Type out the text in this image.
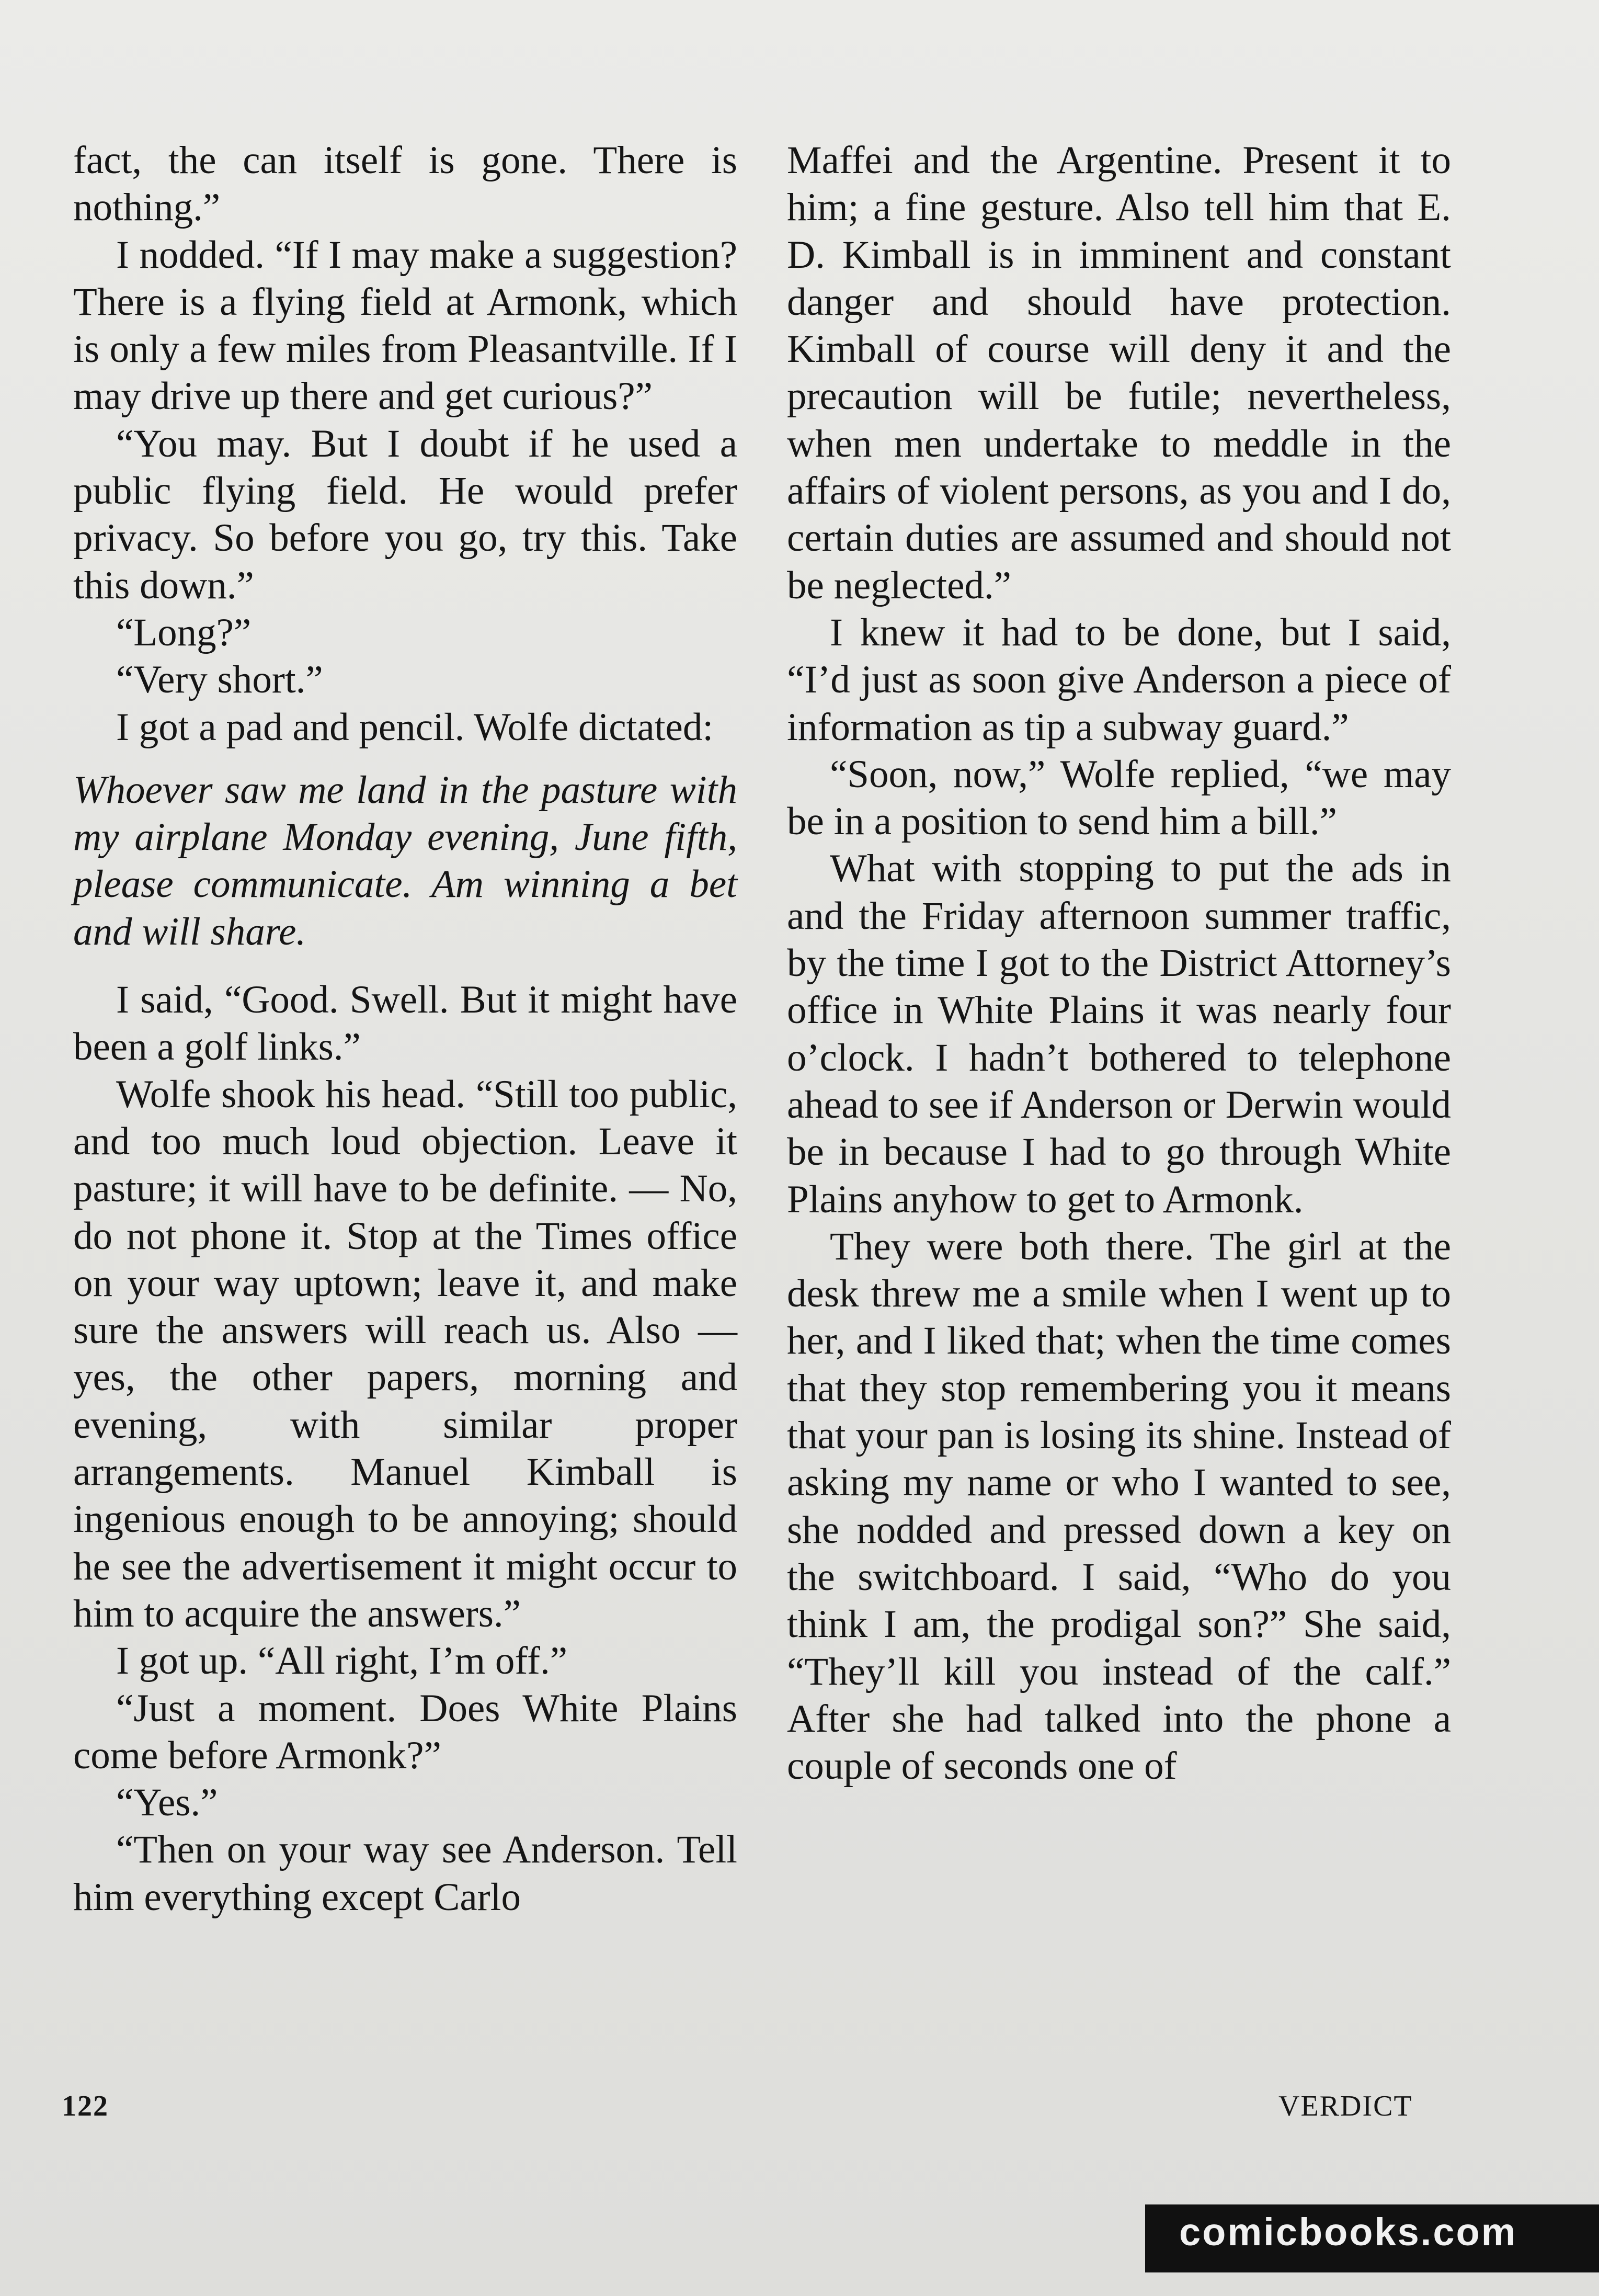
fact, the can itself is gone. There is nothing.”

I nodded. “If I may make a suggestion? There is a flying field at Armonk, which is only a few miles from Pleasantville. If I may drive up there and get curious?”

“You may. But I doubt if he used a public flying field. He would prefer privacy. So before you go, try this. Take this down.”

“Long?”

“Very short.”

I got a pad and pencil. Wolfe dictated:

Whoever saw me land in the pasture with my airplane Monday evening, June fifth, please communicate. Am winning a bet and will share.

I said, “Good. Swell. But it might have been a golf links.”

Wolfe shook his head. “Still too public, and too much loud objection. Leave it pasture; it will have to be definite. — No, do not phone it. Stop at the Times office on your way uptown; leave it, and make sure the answers will reach us. Also — yes, the other papers, morning and evening, with similar proper arrangements. Manuel Kimball is ingenious enough to be annoying; should he see the advertisement it might occur to him to acquire the answers.”

I got up. “All right, I’m off.”

“Just a moment. Does White Plains come before Armonk?”

“Yes.”

“Then on your way see Anderson. Tell him everything except Carlo

Maffei and the Argentine. Present it to him; a fine gesture. Also tell him that E. D. Kimball is in imminent and constant danger and should have protection. Kimball of course will deny it and the precaution will be futile; nevertheless, when men undertake to meddle in the affairs of violent persons, as you and I do, certain duties are assumed and should not be neglected.”

I knew it had to be done, but I said, “I’d just as soon give Anderson a piece of information as tip a subway guard.”

“Soon, now,” Wolfe replied, “we may be in a position to send him a bill.”

What with stopping to put the ads in and the Friday afternoon summer traffic, by the time I got to the District Attorney’s office in White Plains it was nearly four o’clock. I hadn’t bothered to telephone ahead to see if Anderson or Derwin would be in because I had to go through White Plains anyhow to get to Armonk.

They were both there. The girl at the desk threw me a smile when I went up to her, and I liked that; when the time comes that they stop remembering you it means that your pan is losing its shine. Instead of asking my name or who I wanted to see, she nodded and pressed down a key on the switchboard. I said, “Who do you think I am, the prodigal son?” She said, “They’ll kill you instead of the calf.” After she had talked into the phone a couple of seconds one of

122	VERDICT
comicbooks.com
